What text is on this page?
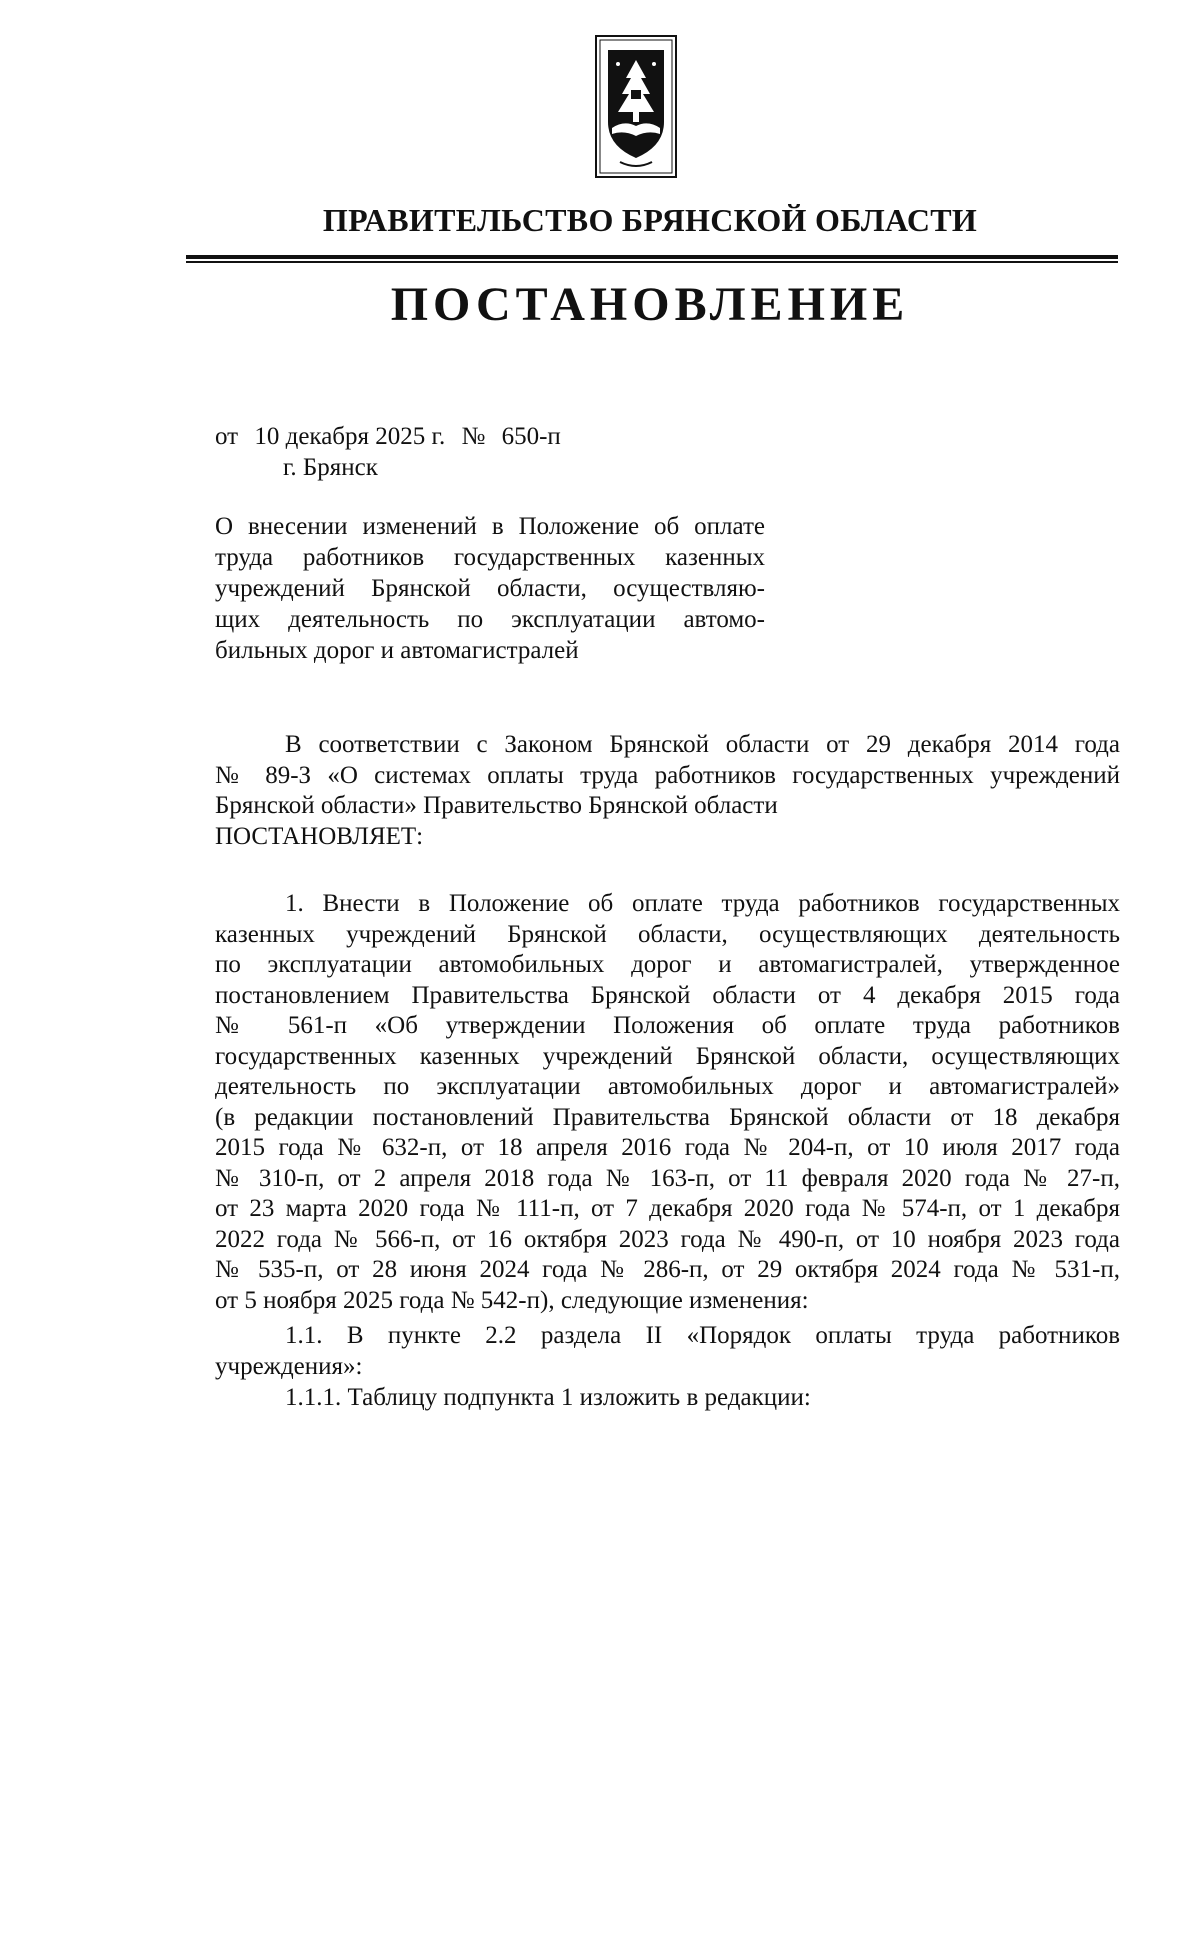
ПРАВИТЕЛЬСТВО БРЯНСКОЙ ОБЛАСТИ
ПОСТАНОВЛЕНИЕ
от 10 декабря 2025 г. № 650-п
г. Брянск
О внесении изменений в Положение об оплате
труда работников государственных казенных
учреждений Брянской области, осуществляю-
щих деятельность по эксплуатации автомо-
бильных дорог и автомагистралей
В соответствии с Законом Брянской области от 29 декабря 2014 года
№ 89-З «О системах оплаты труда работников государственных учреждений
Брянской области» Правительство Брянской области
ПОСТАНОВЛЯЕТ:
1. Внести в Положение об оплате труда работников государственных
казенных учреждений Брянской области, осуществляющих деятельность
по эксплуатации автомобильных дорог и автомагистралей, утвержденное
постановлением Правительства Брянской области от 4 декабря 2015 года
№ 561-п «Об утверждении Положения об оплате труда работников
государственных казенных учреждений Брянской области, осуществляющих
деятельность по эксплуатации автомобильных дорог и автомагистралей»
(в редакции постановлений Правительства Брянской области от 18 декабря
2015 года № 632-п, от 18 апреля 2016 года № 204-п, от 10 июля 2017 года
№ 310-п, от 2 апреля 2018 года № 163-п, от 11 февраля 2020 года № 27-п,
от 23 марта 2020 года № 111-п, от 7 декабря 2020 года № 574-п, от 1 декабря
2022 года № 566-п, от 16 октября 2023 года № 490-п, от 10 ноября 2023 года
№ 535-п, от 28 июня 2024 года № 286-п, от 29 октября 2024 года № 531-п,
от 5 ноября 2025 года № 542-п), следующие изменения:
1.1. В пункте 2.2 раздела II «Порядок оплаты труда работников
учреждения»:
1.1.1. Таблицу подпункта 1 изложить в редакции:
